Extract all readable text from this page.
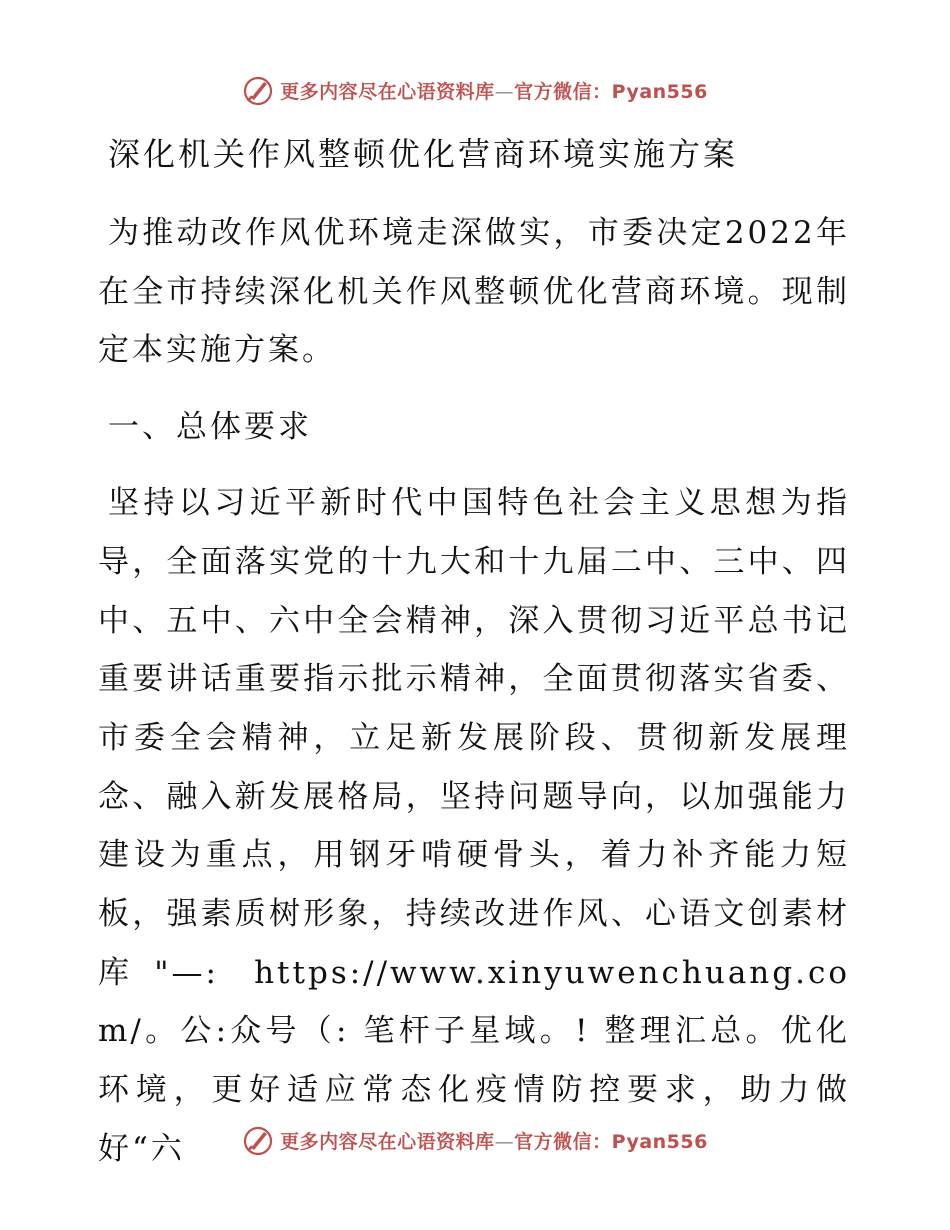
更多内容尽在心语资料库—官方微信：Pyan556
深化机关作风整顿优化营商环境实施方案

为推动改作风优环境走深做实，市委决定2022年在全市持续深化机关作风整顿优化营商环境。现制定本实施方案。

一、总体要求

坚持以习近平新时代中国特色社会主义思想为指导，全面落实党的十九大和十九届二中、三中、四中、五中、六中全会精神，深入贯彻习近平总书记重要讲话重要指示批示精神，全面贯彻落实省委、市委全会精神，立足新发展阶段、贯彻新发展理念、融入新发展格局，坚持问题导向，以加强能力建设为重点，用钢牙啃硬骨头，着力补齐能力短板，强素质树形象，持续改进作风、心语文创素材库"—: https://www.xinyuwenchuang.com/。公:众号（: 笔杆子星域。! 整理汇总。优化环境，更好适应常态化疫情防控要求，助力做好“六	更多内容尽在心语资料库—官方微信：Pyan556
